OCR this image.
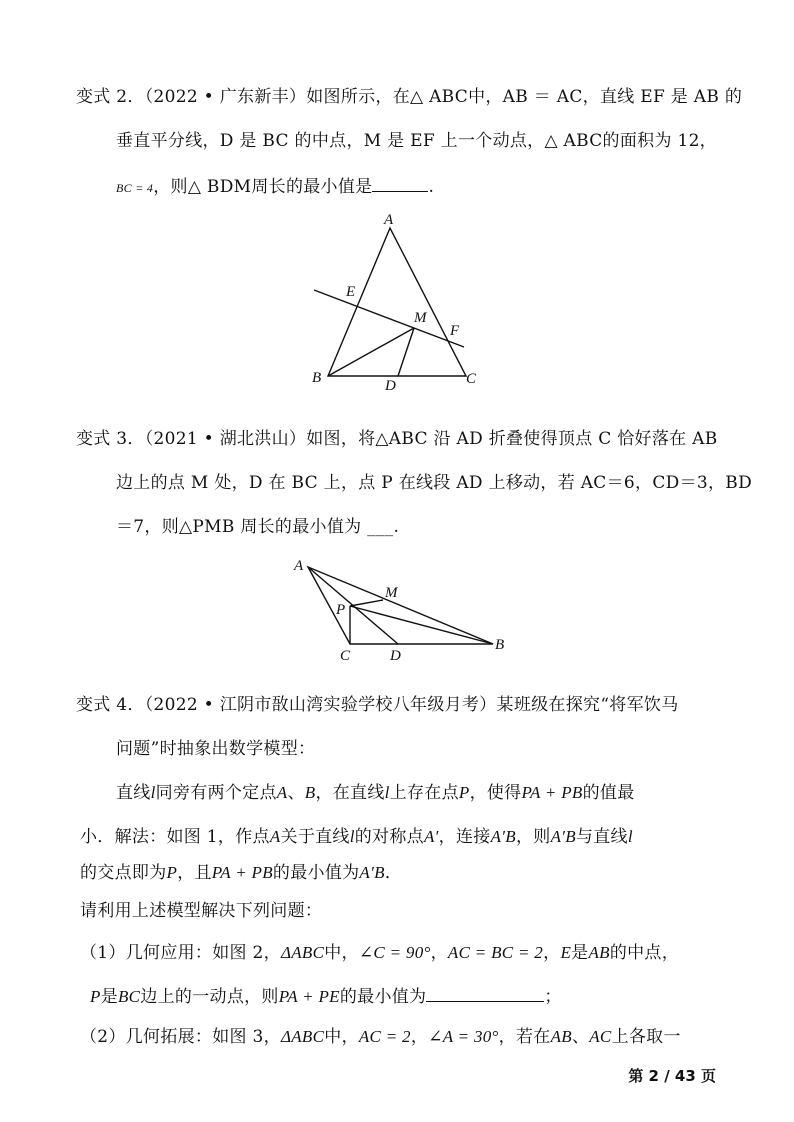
变式 2．（2022 • 广东新丰）如图所示，在△ ABC中，AB ＝ AC，直线 EF 是 AB 的
垂直平分线，D 是 BC 的中点，M 是 EF 上一个动点，△ ABC的面积为 12，
BC = 4，则△ BDM周长的最小值是	.
A
B	C
D
E
F
M
变式 3．（2021 • 湖北洪山）如图，将△ABC 沿 AD 折叠使得顶点 C 恰好落在 AB
边上的点 M 处，D 在 BC 上，点 P 在线段 AD 上移动，若 AC＝6，CD＝3，BD
＝7，则△PMB 周长的最小值为 ___.
A
M
P
C	D
B
变式 4．（2022 • 江阴市敔山湾实验学校八年级月考）某班级在探究“将军饮马
问题”时抽象出数学模型：
直线l同旁有两个定点A、B，在直线l上存在点P，使得PA + PB的值最
小．解法：如图 1，作点A关于直线l的对称点A′，连接A′B，则A′B与直线l
的交点即为P，且PA + PB的最小值为A′B．
请利用上述模型解决下列问题：
（1）几何应用：如图 2，ΔABC中，∠C = 90°，AC = BC = 2，E是AB的中点，
P是BC边上的一动点，则PA + PE的最小值为	；
（2）几何拓展：如图 3，ΔABC中，AC = 2，∠A = 30°，若在AB、AC上各取一
第 2 / 43 页
